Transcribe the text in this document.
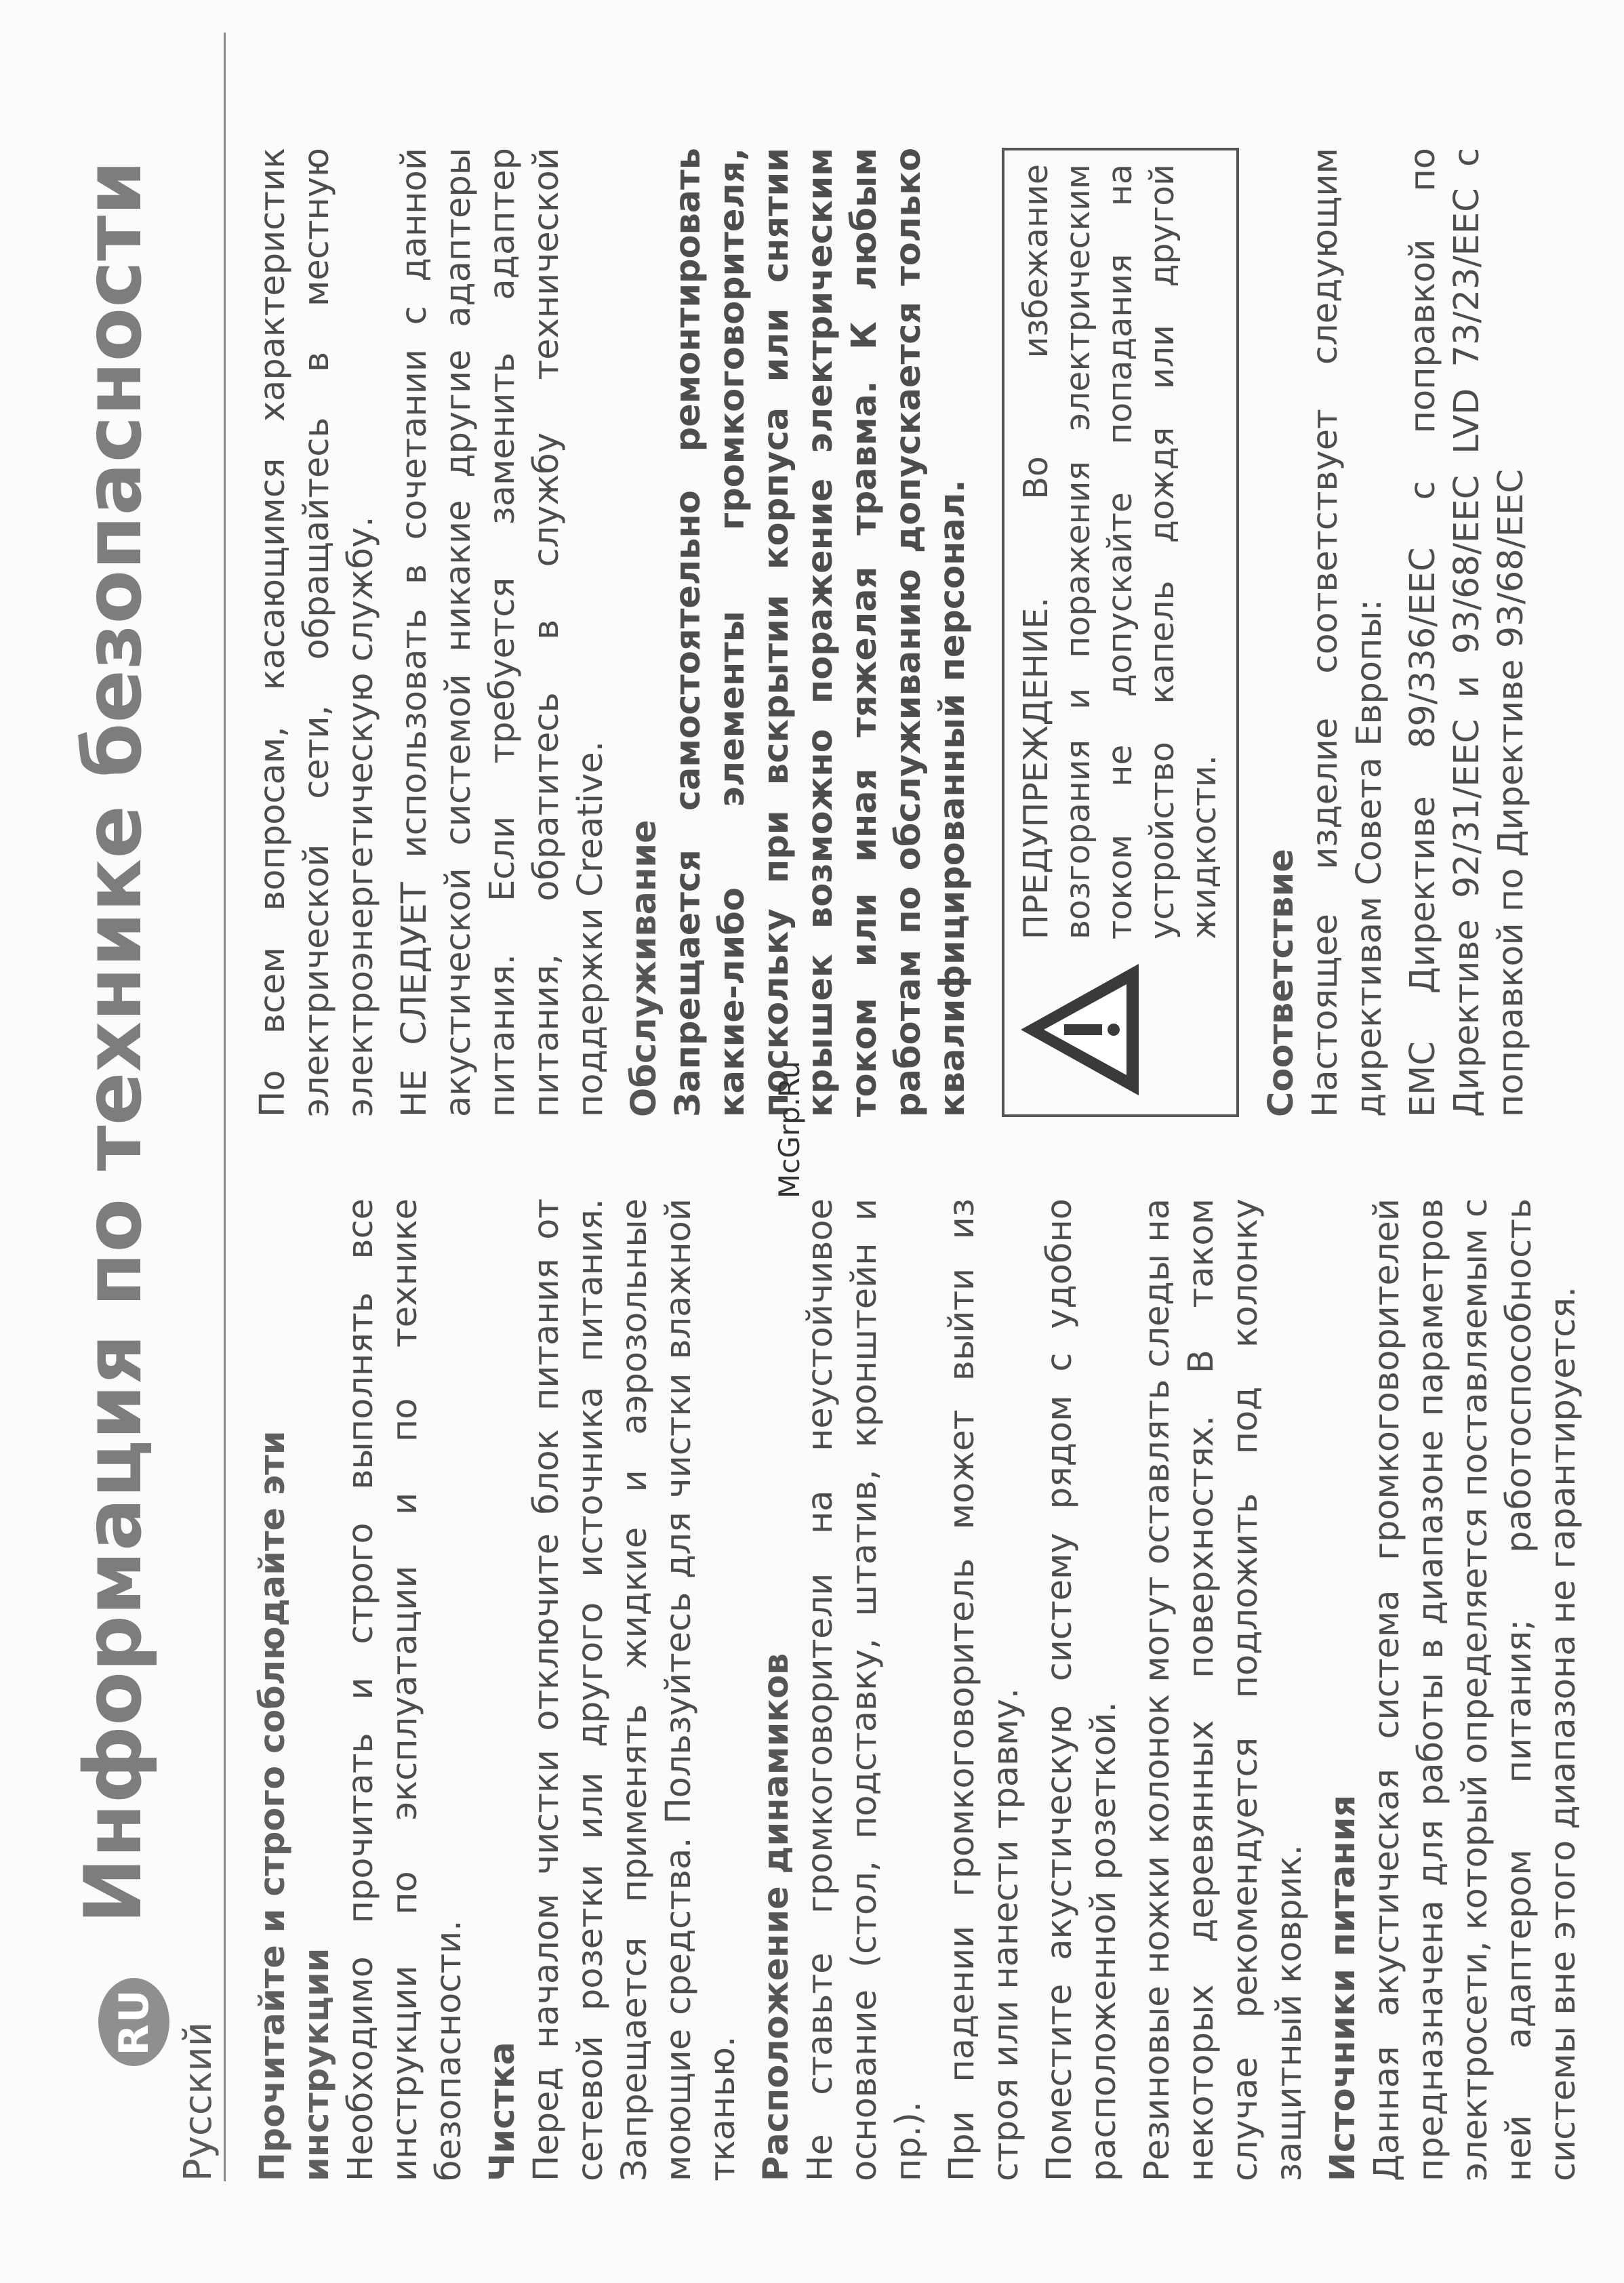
RU Русский
Информация по технике безопасности	Прочитайте и строго соблюдайте эти инструкции Необходимо прочитать и строго выполнять все инструкции по эксплуатации и по технике безопасности. Чистка Перед началом чистки отключите блок питания от сетевой розетки или другого источника питания. Запрещается применять жидкие и аэрозольные моющие средства. Пользуйтесь для чистки влажной тканью. Расположение динамиков Не ставьте громкоговорители на неустойчивое основание (стол, подставку, штатив, кронштейн и пр.). При падении громкоговоритель может выйти из строя или нанести травму. Поместите акустическую систему рядом с удобно расположенной розеткой. Резиновые ножки колонок могут оставлять следы на некоторых деревянных поверхностях. В таком случае рекомендуется подложить под колонку защитный коврик. Источники питания Данная акустическая система громкоговорителей предназначена для работы в диапазоне параметров электросети, который определяется поставляемым с ней адаптером питания; работоспособность системы вне этого диапазона не гарантируется.

По всем вопросам, касающимся характеристик электрической сети, обращайтесь в местную электроэнергетическую службу. НЕ СЛЕДУЕТ использовать в сочетании с данной акустической системой никакие другие адаптеры питания. Если требуется заменить адаптер питания, обратитесь в службу технической поддержки Creative. Обслуживание Запрещается самостоятельно ремонтировать какие-либо элементы громкоговорителя, поскольку при вскрытии корпуса или снятии крышек возможно поражение электрическим током или иная тяжелая травма. К любым работам по обслуживанию допускается только квалифицированный персонал. ПРЕДУПРЕЖДЕНИЕ. Во избежание возгорания и поражения электрическим током не допускайте попадания на устройство капель дождя или другой жидкости.

Соответствие Настоящее изделие соответствует следующим директивам Совета Европы: EMC Директиве 89/336/EEC с поправкой по Директиве 92/31/EEC и 93/68/EEC LVD 73/23/EEC с поправкой по Директиве 93/68/EEC

McGrp.Ru
